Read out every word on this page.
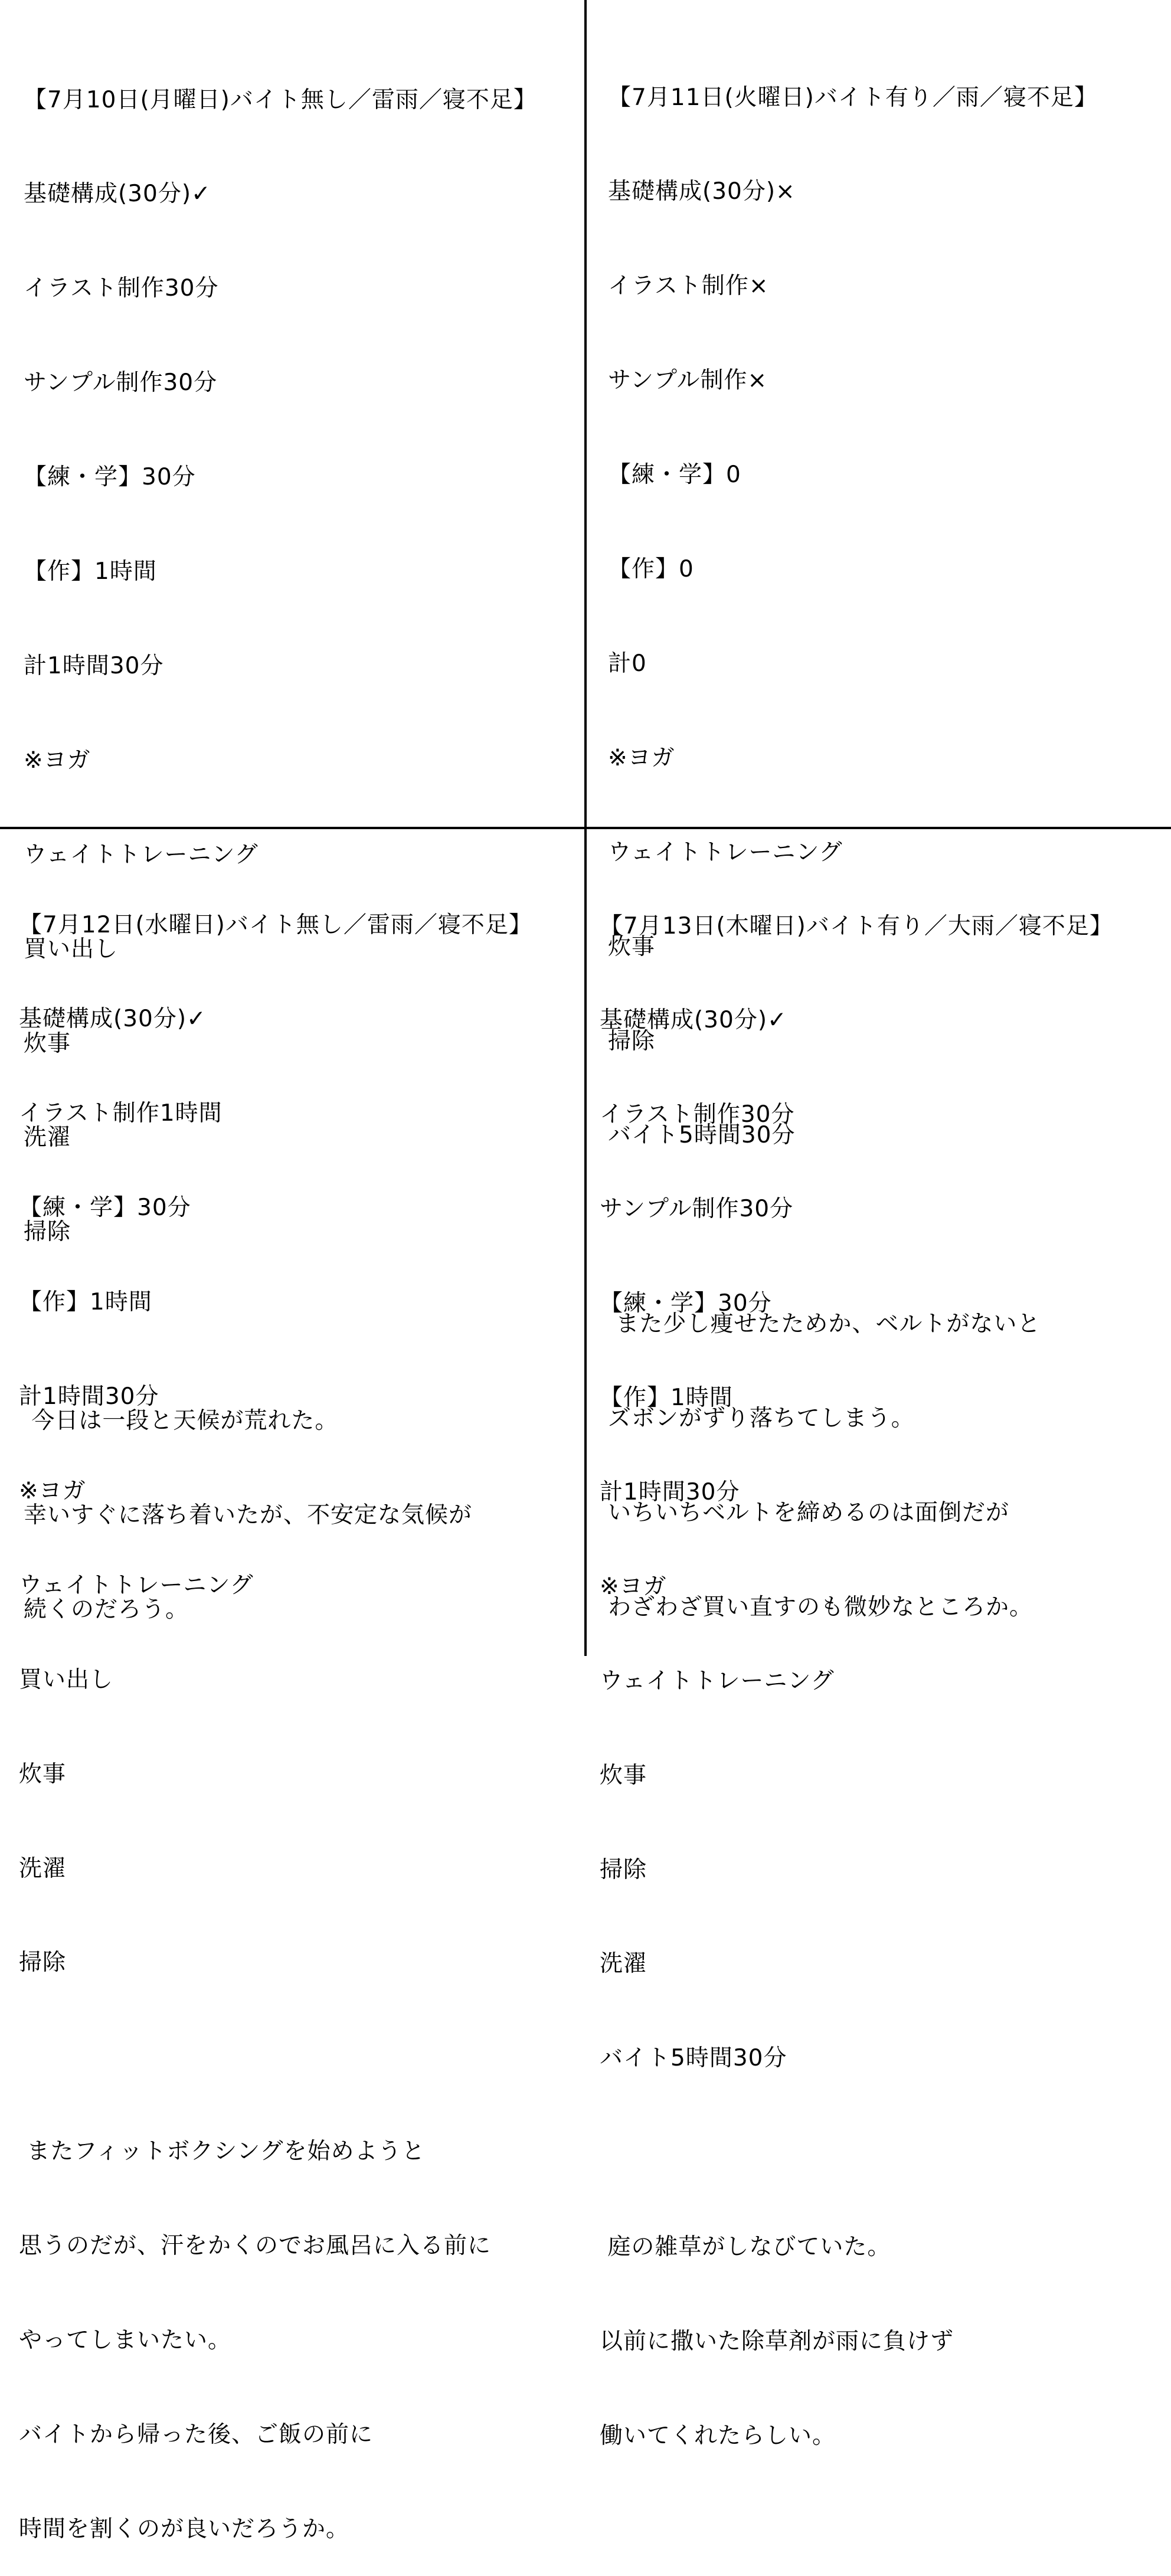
【7月10日(月曜日)バイト無し／雷雨／寝不足】

基礎構成(30分)✓

イラスト制作30分

サンプル制作30分

【練・学】30分

【作】1時間

計1時間30分

※ヨガ

ウェイトトレーニング

買い出し

炊事

洗濯

掃除

今日は一段と天候が荒れた。

幸いすぐに落ち着いたが、不安定な気候が

続くのだろう。

【7月11日(火曜日)バイト有り／雨／寝不足】

基礎構成(30分)×

イラスト制作×

サンプル制作×

【練・学】0

【作】0

計0

※ヨガ

ウェイトトレーニング

炊事

掃除

バイト5時間30分

また少し痩せたためか、ベルトがないと

ズボンがずり落ちてしまう。

いちいちベルトを締めるのは面倒だが

わざわざ買い直すのも微妙なところか。

【7月12日(水曜日)バイト無し／雷雨／寝不足】

基礎構成(30分)✓

イラスト制作1時間

【練・学】30分

【作】1時間

計1時間30分

※ヨガ

ウェイトトレーニング

買い出し

炊事

洗濯

掃除

またフィットボクシングを始めようと

思うのだが、汗をかくのでお風呂に入る前に

やってしまいたい。

バイトから帰った後、ご飯の前に

時間を割くのが良いだろうか。

【7月13日(木曜日)バイト有り／大雨／寝不足】

基礎構成(30分)✓

イラスト制作30分

サンプル制作30分

【練・学】30分

【作】1時間

計1時間30分

※ヨガ

ウェイトトレーニング

炊事

掃除

洗濯

バイト5時間30分

庭の雑草がしなびていた。

以前に撒いた除草剤が雨に負けず

働いてくれたらしい。
